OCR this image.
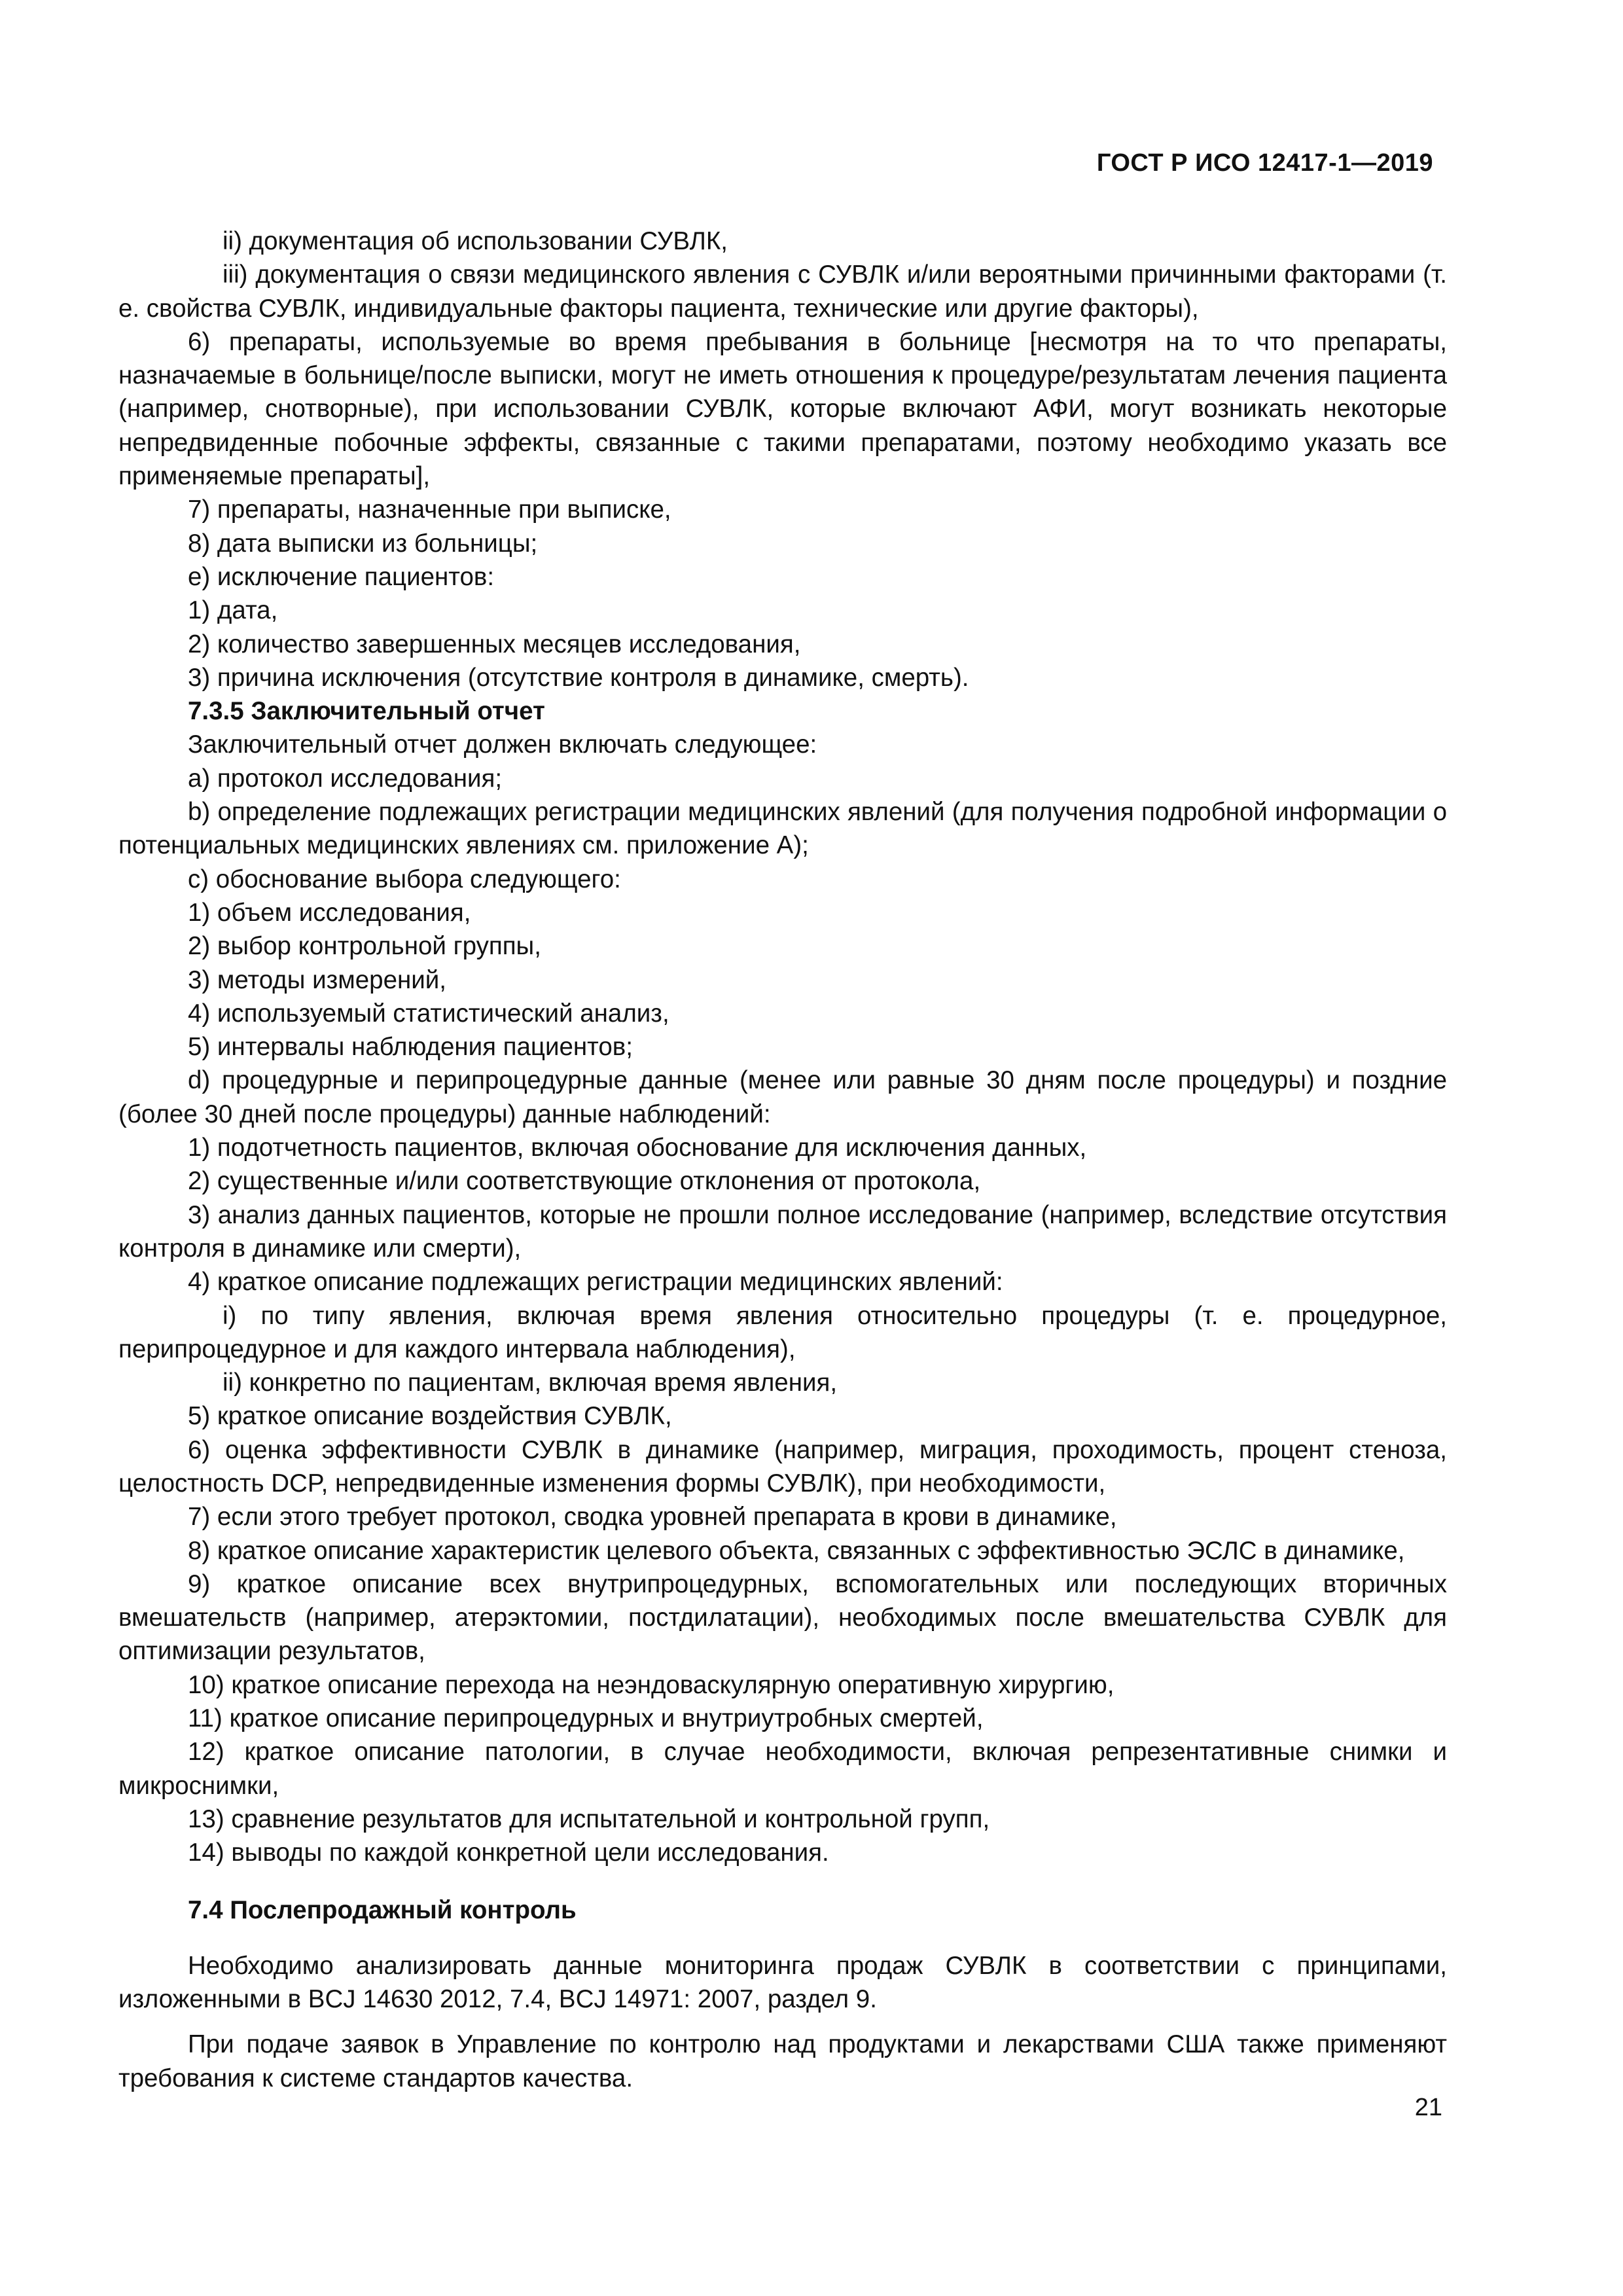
ГОСТ Р ИСО 12417-1—2019

ii) документация об использовании СУВЛК,

iii) документация о связи медицинского явления с СУВЛК и/или вероятными причинными факторами (т. е. свойства СУВЛК, индивидуальные факторы пациента, технические или другие факторы),

6) препараты, используемые во время пребывания в больнице [несмотря на то что препараты, назначаемые в больнице/после выписки, могут не иметь отношения к процедуре/результатам лечения пациента (например, снотворные), при использовании СУВЛК, которые включают АФИ, могут возникать некоторые непредвиденные побочные эффекты, связанные с такими препаратами, поэтому необходимо указать все применяемые препараты],

7) препараты, назначенные при выписке,

8) дата выписки из больницы;

е) исключение пациентов:

1) дата,

2) количество завершенных месяцев исследования,

3) причина исключения (отсутствие контроля в динамике, смерть).

7.3.5 Заключительный отчет

Заключительный отчет должен включать следующее:

а) протокол исследования;

b) определение подлежащих регистрации медицинских явлений (для получения подробной информации о потенциальных медицинских явлениях см. приложение А);

с) обоснование выбора следующего:

1) объем исследования,

2) выбор контрольной группы,

3) методы измерений,

4) используемый статистический анализ,

5) интервалы наблюдения пациентов;

d) процедурные и перипроцедурные данные (менее или равные 30 дням после процедуры) и поздние (более 30 дней после процедуры) данные наблюдений:

1) подотчетность пациентов, включая обоснование для исключения данных,

2) существенные и/или соответствующие отклонения от протокола,

3) анализ данных пациентов, которые не прошли полное исследование (например, вследствие отсутствия контроля в динамике или смерти),

4) краткое описание подлежащих регистрации медицинских явлений:

i) по типу явления, включая время явления относительно процедуры (т. е. процедурное, перипроцедурное и для каждого интервала наблюдения),

ii) конкретно по пациентам, включая время явления,

5) краткое описание воздействия СУВЛК,

6) оценка эффективности СУВЛК в динамике (например, миграция, проходимость, процент стеноза, целостность DCP, непредвиденные изменения формы СУВЛК), при необходимости,

7) если этого требует протокол, сводка уровней препарата в крови в динамике,

8) краткое описание характеристик целевого объекта, связанных с эффективностью ЭСЛС в динамике,

9) краткое описание всех внутрипроцедурных, вспомогательных или последующих вторичных вмешательств (например, атерэктомии, постдилатации), необходимых после вмешательства СУВЛК для оптимизации результатов,

10) краткое описание перехода на неэндоваскулярную оперативную хирургию,

11) краткое описание перипроцедурных и внутриутробных смертей,

12) краткое описание патологии, в случае необходимости, включая репрезентативные снимки и микроснимки,

13) сравнение результатов для испытательной и контрольной групп,

14) выводы по каждой конкретной цели исследования.

7.4 Послепродажный контроль

Необходимо анализировать данные мониторинга продаж СУВЛК в соответствии с принципами, изложенными в BCJ 14630 2012, 7.4, BCJ 14971: 2007, раздел 9.

При подаче заявок в Управление по контролю над продуктами и лекарствами США также применяют требования к системе стандартов качества.

21
